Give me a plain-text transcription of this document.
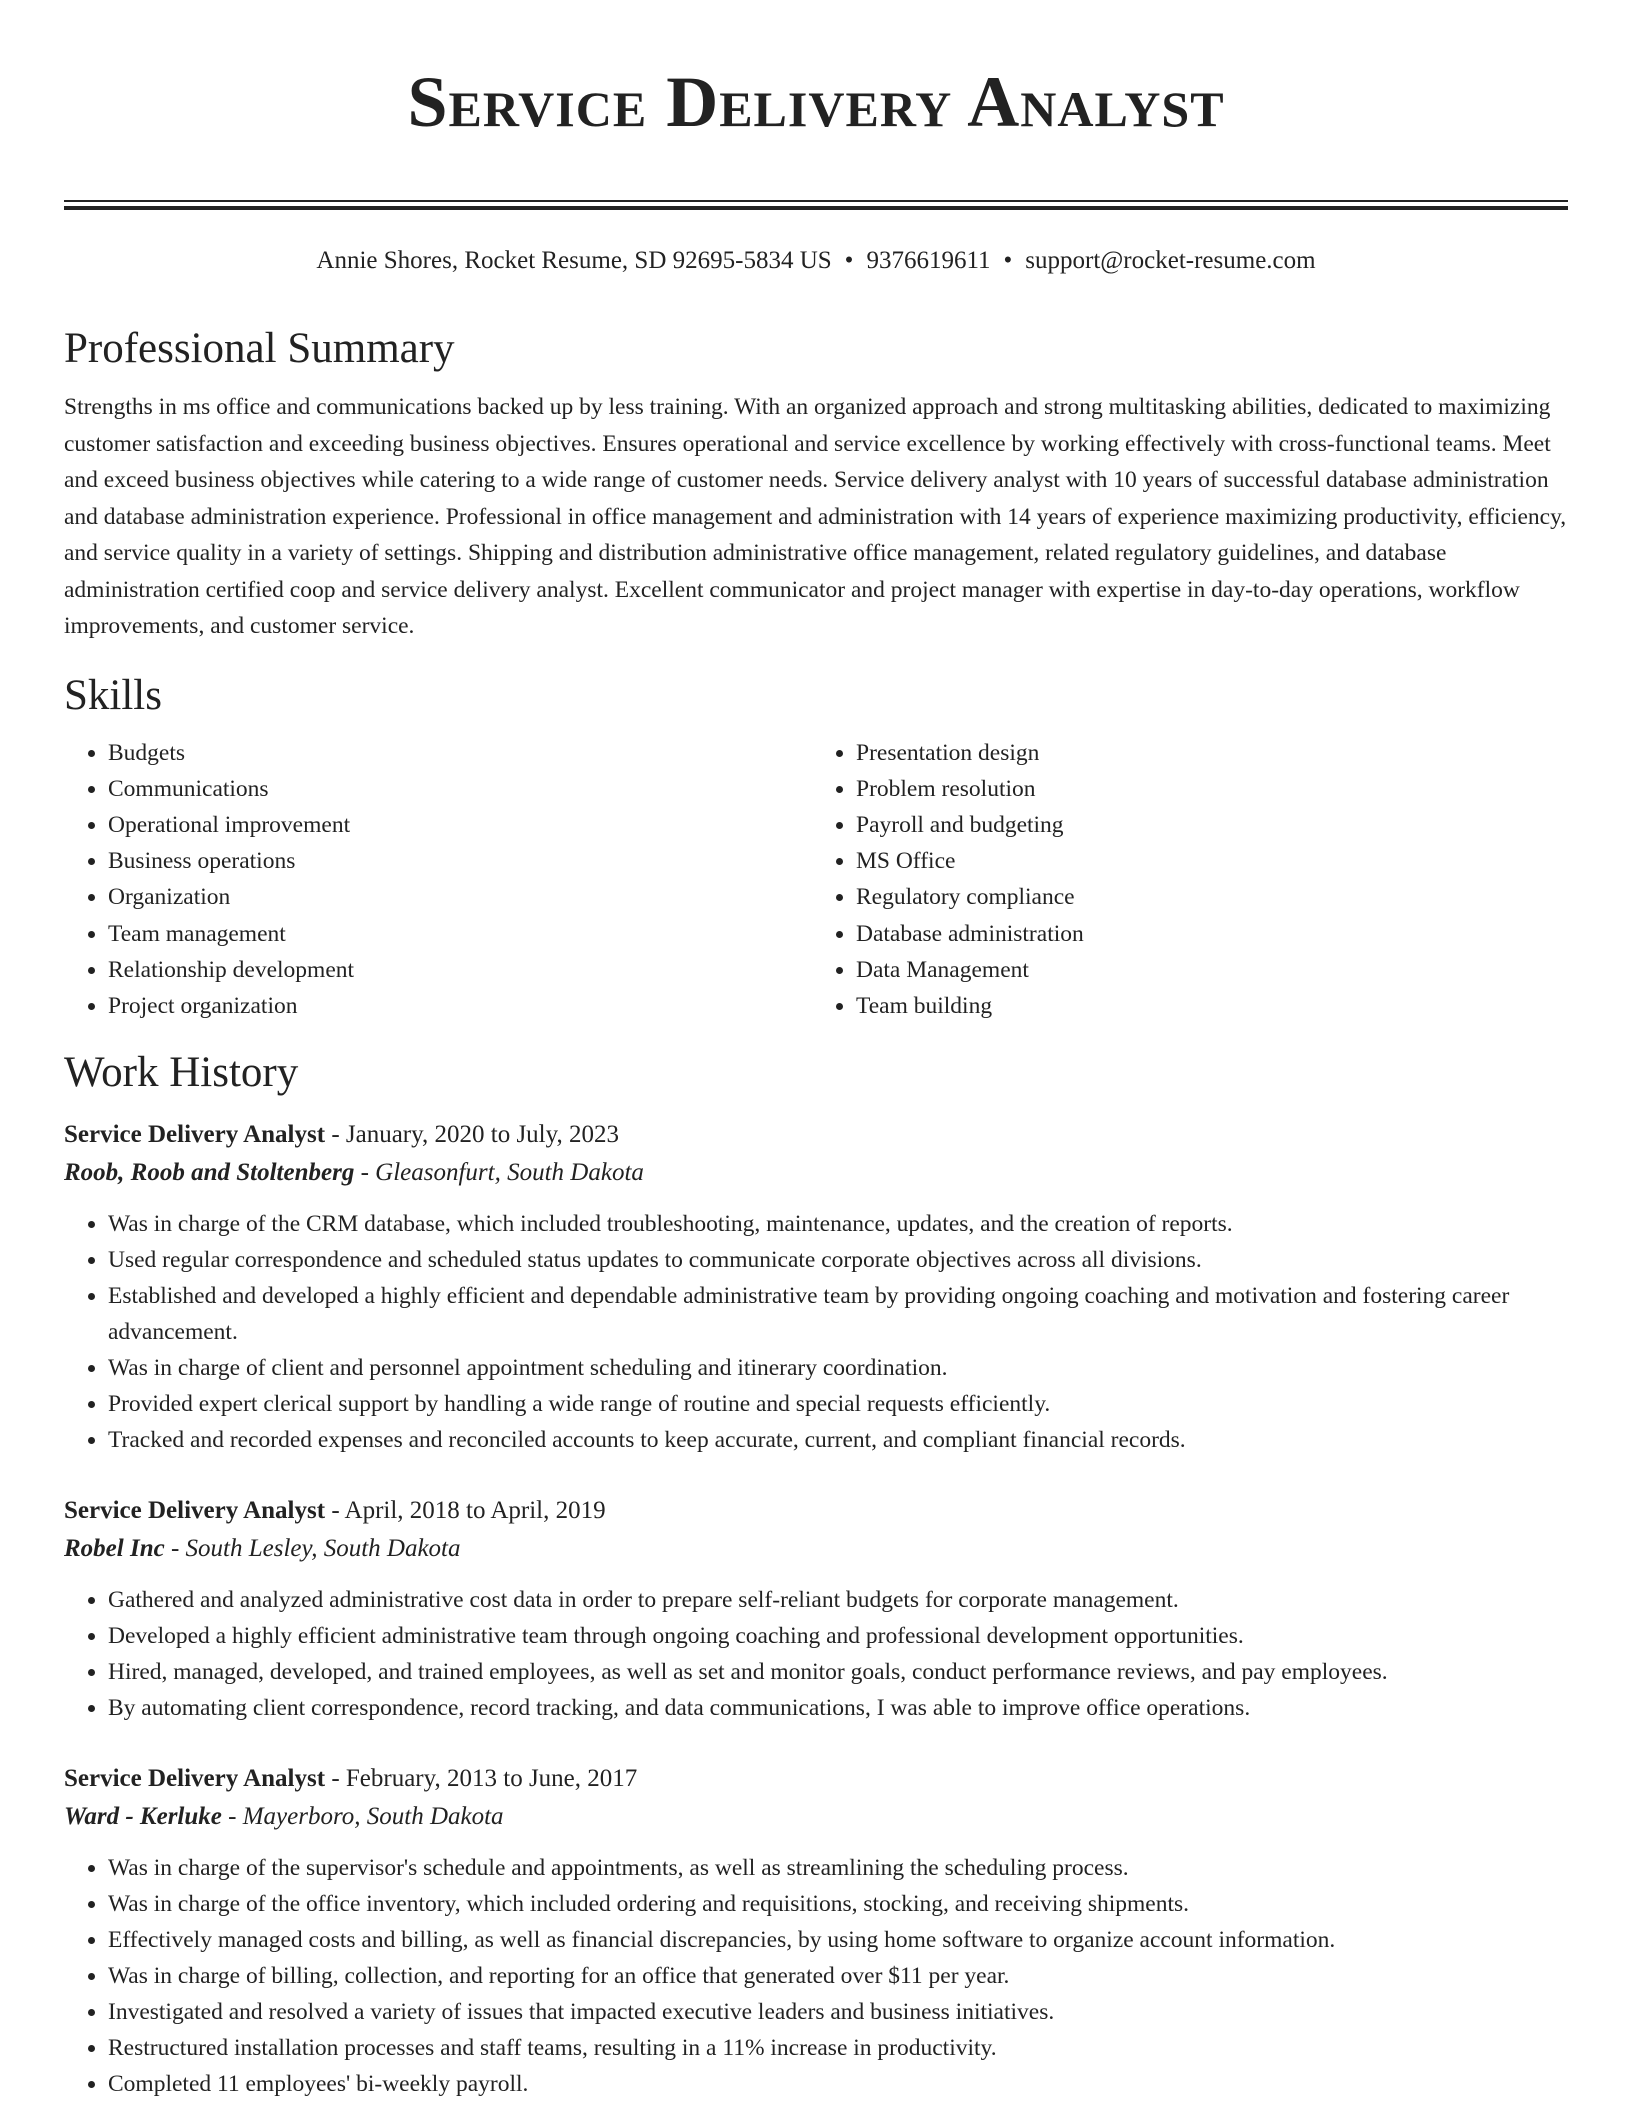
Service Delivery Analyst
Annie Shores, Rocket Resume, SD 92695-5834 US • 9376619611 • support@rocket-resume.com
Professional Summary
Strengths in ms office and communications backed up by less training. With an organized approach and strong multitasking abilities, dedicated to maximizing customer satisfaction and exceeding business objectives. Ensures operational and service excellence by working effectively with cross-functional teams. Meet and exceed business objectives while catering to a wide range of customer needs. Service delivery analyst with 10 years of successful database administration and database administration experience. Professional in office management and administration with 14 years of experience maximizing productivity, efficiency, and service quality in a variety of settings. Shipping and distribution administrative office management, related regulatory guidelines, and database administration certified coop and service delivery analyst. Excellent communicator and project manager with expertise in day-to-day operations, workflow improvements, and customer service.
Skills
• Budgets
• Communications
• Operational improvement
• Business operations
• Organization
• Team management
• Relationship development
• Project organization
• Presentation design
• Problem resolution
• Payroll and budgeting
• MS Office
• Regulatory compliance
• Database administration
• Data Management
• Team building
Work History
Service Delivery Analyst - January, 2020 to July, 2023
Roob, Roob and Stoltenberg - Gleasonfurt, South Dakota
• Was in charge of the CRM database, which included troubleshooting, maintenance, updates, and the creation of reports.
• Used regular correspondence and scheduled status updates to communicate corporate objectives across all divisions.
• Established and developed a highly efficient and dependable administrative team by providing ongoing coaching and motivation and fostering career advancement.
• Was in charge of client and personnel appointment scheduling and itinerary coordination.
• Provided expert clerical support by handling a wide range of routine and special requests efficiently.
• Tracked and recorded expenses and reconciled accounts to keep accurate, current, and compliant financial records.
Service Delivery Analyst - April, 2018 to April, 2019
Robel Inc - South Lesley, South Dakota
• Gathered and analyzed administrative cost data in order to prepare self-reliant budgets for corporate management.
• Developed a highly efficient administrative team through ongoing coaching and professional development opportunities.
• Hired, managed, developed, and trained employees, as well as set and monitor goals, conduct performance reviews, and pay employees.
• By automating client correspondence, record tracking, and data communications, I was able to improve office operations.
Service Delivery Analyst - February, 2013 to June, 2017
Ward - Kerluke - Mayerboro, South Dakota
• Was in charge of the supervisor's schedule and appointments, as well as streamlining the scheduling process.
• Was in charge of the office inventory, which included ordering and requisitions, stocking, and receiving shipments.
• Effectively managed costs and billing, as well as financial discrepancies, by using home software to organize account information.
• Was in charge of billing, collection, and reporting for an office that generated over $11 per year.
• Investigated and resolved a variety of issues that impacted executive leaders and business initiatives.
• Restructured installation processes and staff teams, resulting in a 11% increase in productivity.
• Completed 11 employees' bi-weekly payroll.
